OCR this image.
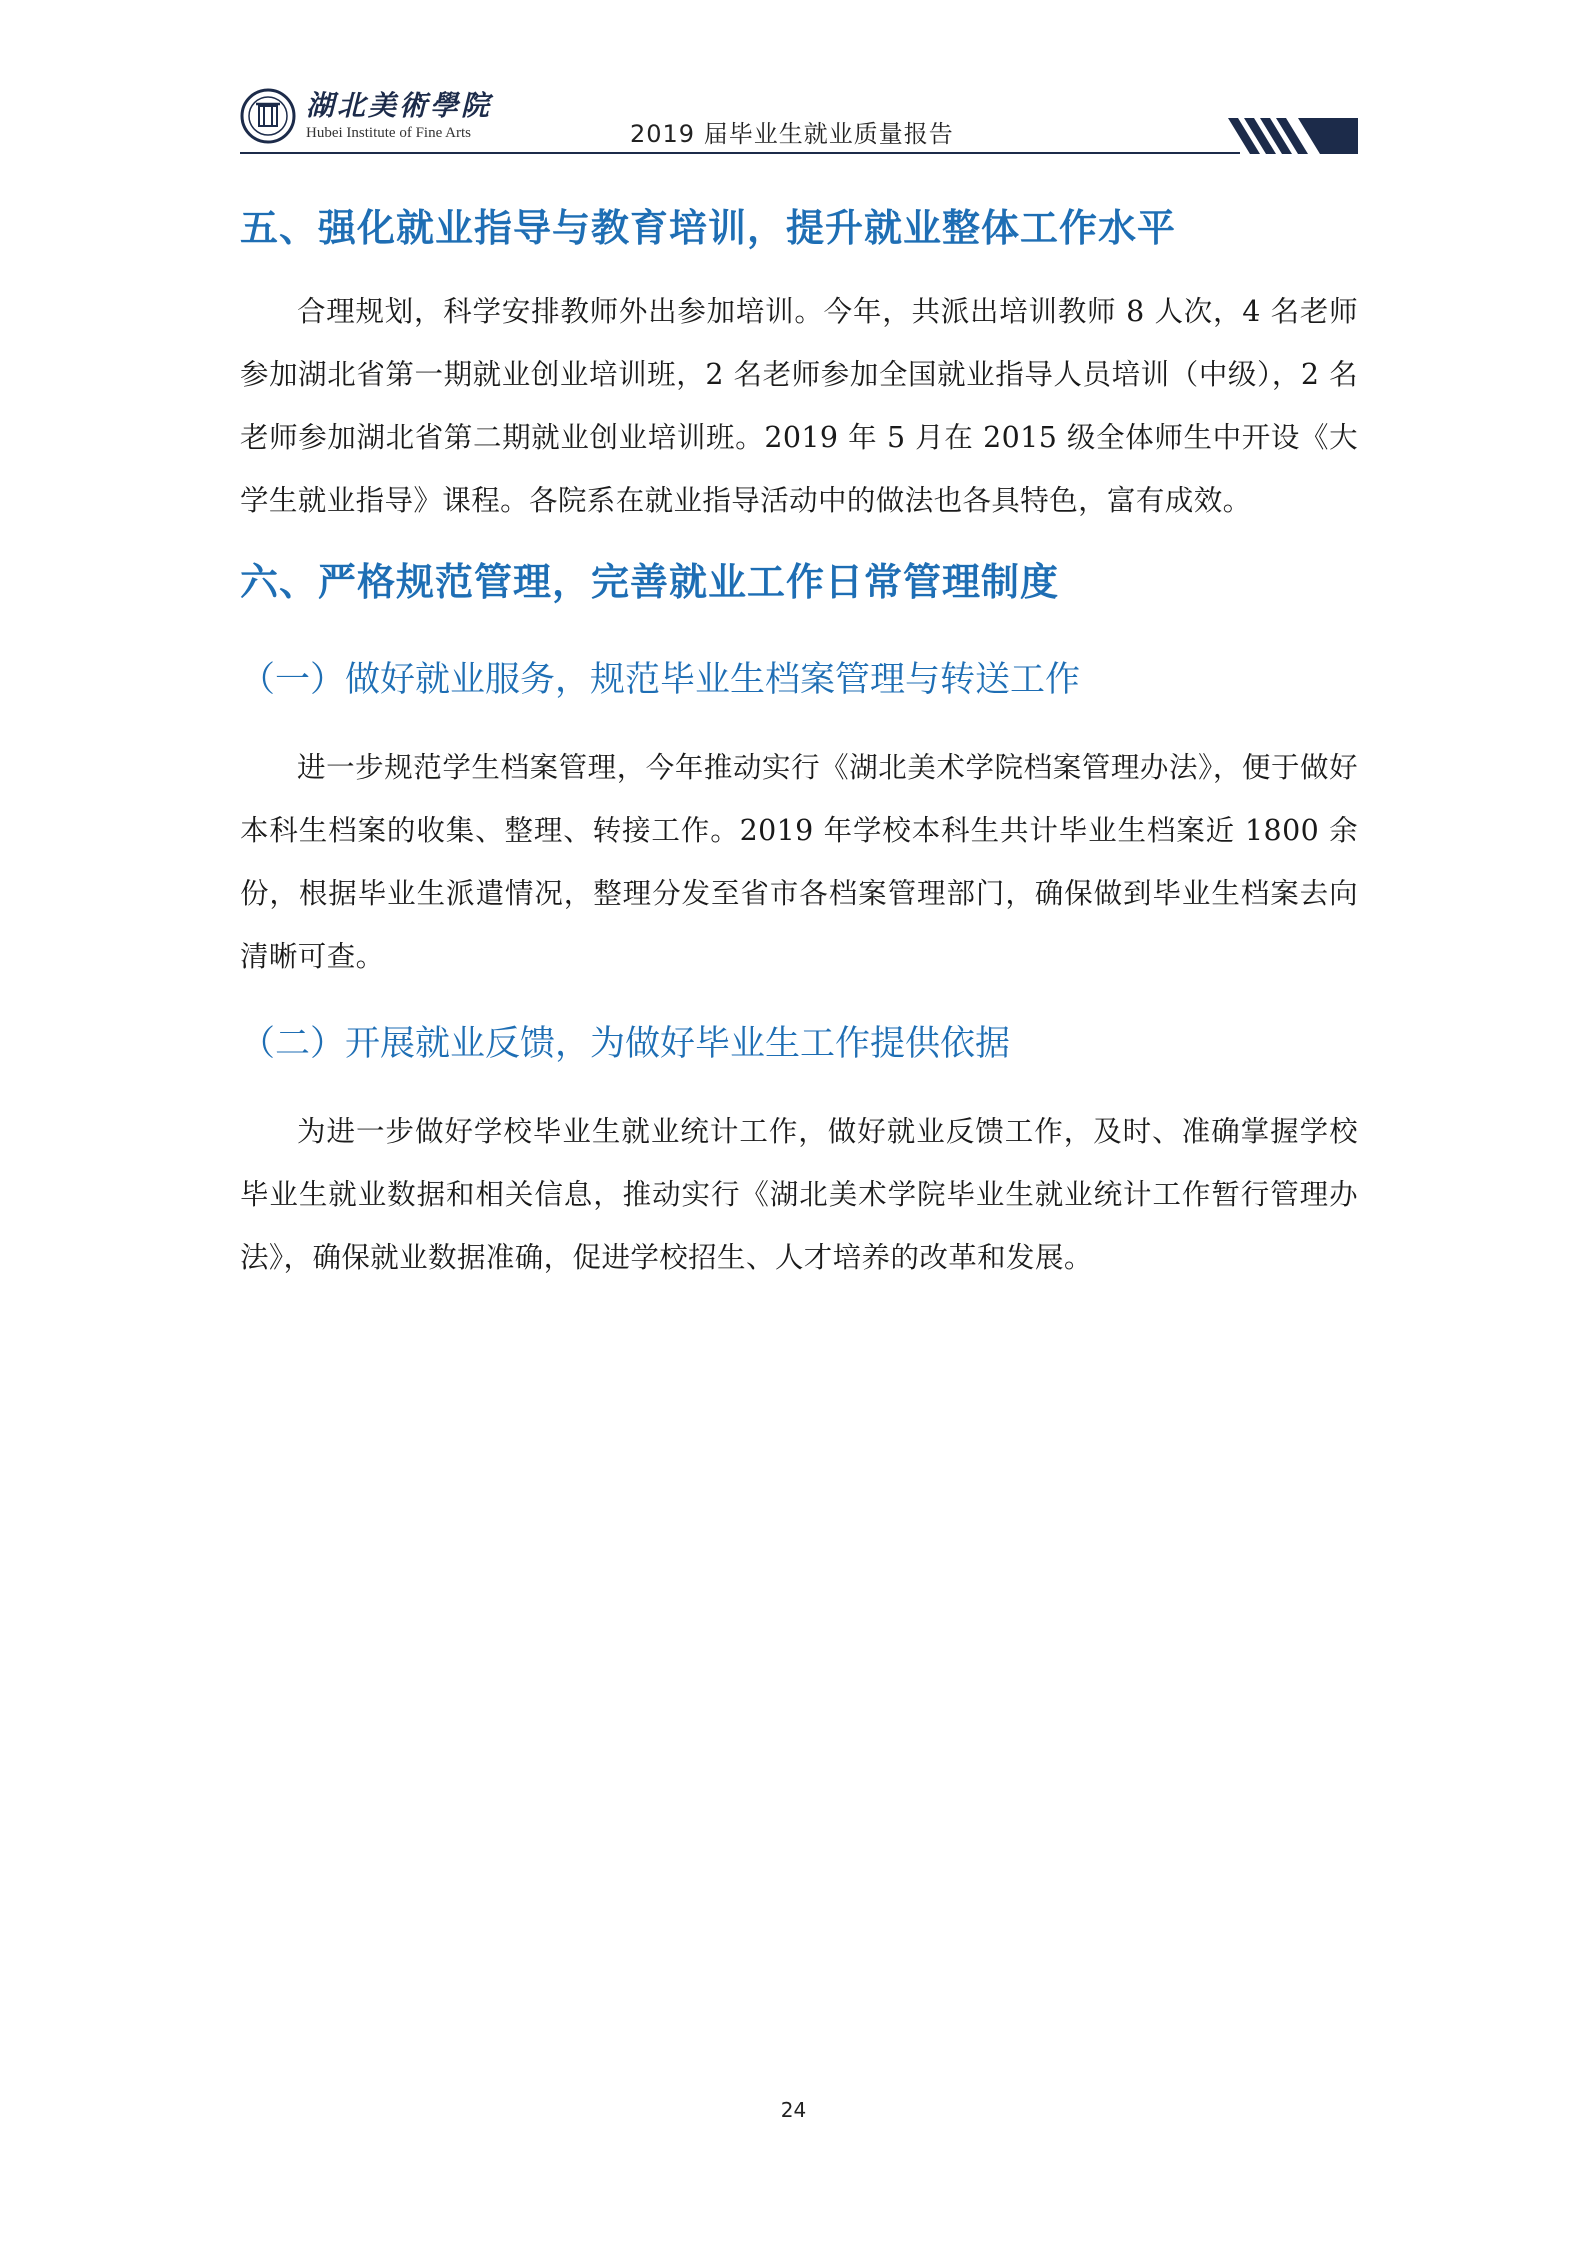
湖北美術學院
Hubei Institute of Fine Arts	2019 届毕业生就业质量报告
五、强化就业指导与教育培训，提升就业整体工作水平

合理规划，科学安排教师外出参加培训。今年，共派出培训教师 8 人次，4 名老师参加湖北省第一期就业创业培训班，2 名老师参加全国就业指导人员培训（中级），2 名老师参加湖北省第二期就业创业培训班。2019 年 5 月在 2015 级全体师生中开设《大学生就业指导》课程。各院系在就业指导活动中的做法也各具特色，富有成效。

六、严格规范管理，完善就业工作日常管理制度
（一）做好就业服务，规范毕业生档案管理与转送工作

进一步规范学生档案管理，今年推动实行《湖北美术学院档案管理办法》，便于做好本科生档案的收集、整理、转接工作。2019 年学校本科生共计毕业生档案近 1800 余份，根据毕业生派遣情况，整理分发至省市各档案管理部门，确保做到毕业生档案去向清晰可查。

（二）开展就业反馈，为做好毕业生工作提供依据

为进一步做好学校毕业生就业统计工作，做好就业反馈工作，及时、准确掌握学校毕业生就业数据和相关信息，推动实行《湖北美术学院毕业生就业统计工作暂行管理办法》，确保就业数据准确，促进学校招生、人才培养的改革和发展。

24
